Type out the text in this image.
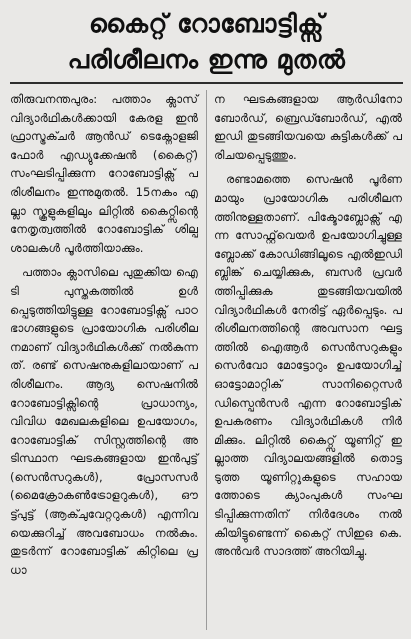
കൈറ്റ് റോബോട്ടിക്സ്
പരിശീലനം ഇന്നു മുതൽ

തിരുവനന്തപുരം: പത്താം ക്ലാസ് വിദ്യാർഥികൾക്കായി കേരള ഇൻഫ്രാസ്ട്രക്ചർ ആൻഡ് ടെക്നോളജി ഫോർ എഡ്യുക്കേഷൻ (കൈറ്റ്) സംഘടിപ്പിക്കുന്ന റോബോട്ടിക്സ് പരിശീലനം ഇന്നുമുതൽ. 15നകം എല്ലാ സ്കൂളുകളിലും ലിറ്റിൽ കൈറ്റ്സിന്റെ നേതൃത്വത്തിൽ റോബോട്ടിക് ശില്പശാലകൾ പൂർത്തിയാക്കും.

പത്താം ക്ലാസിലെ പുതുക്കിയ ഐടി പുസ്തകത്തിൽ ഉൾപ്പെടുത്തിയിട്ടുള്ള റോബോട്ടിക്സ് പാഠഭാഗങ്ങളുടെ പ്രായോഗിക പരിശീലനമാണ് വിദ്യാർഥികൾക്ക് നൽകുന്നത്. രണ്ട് സെഷനുകളിലായാണ് പരിശീലനം. ആദ്യ സെഷനിൽ റോബോട്ടിക്സിന്റെ പ്രാധാന്യം, വിവിധ മേഖലകളിലെ ഉപയോഗം, റോബോട്ടിക് സിസ്റ്റത്തിന്റെ അടിസ്ഥാന ഘടകങ്ങളായ ഇൻപുട്ട് (സെൻസറുകൾ), പ്രോസസർ (മൈക്രോകൺട്രോളറുകൾ), ഔട്ട്പുട്ട് (ആക്ചുവേറ്ററുകൾ) എന്നിവയെക്കുറിച്ച് അവബോധം നൽകും. തുടർന്ന് റോബോട്ടിക് കിറ്റിലെ പ്രധാ

ന ഘടകങ്ങളായ ആർഡിനോ ബോർഡ്, ബ്രെഡ്ബോർഡ്, എൽഇഡി തുടങ്ങിയവയെ കുട്ടികൾക്ക് പരിചയപ്പെടുത്തും.

രണ്ടാമത്തെ സെഷൻ പൂർണമായും പ്രായോഗിക പരിശീലനത്തിനുള്ളതാണ്. പിക്ടോബ്ലോക്സ് എന്ന സോഫ്റ്റ്‌വെയർ ഉപയോഗിച്ചുള്ള ബ്ലോക്ക് കോഡിങ്ങിലൂടെ എൽഇഡി ബ്ലിങ്ക് ചെയ്യിക്കുക, ബസർ പ്രവർത്തിപ്പിക്കുക തുടങ്ങിയവയിൽ വിദ്യാർഥികൾ നേരിട്ട് ഏർപ്പെടും. പരിശീലനത്തിന്റെ അവസാന ഘട്ടത്തിൽ ഐആർ സെൻസറുകളും സെർവോ മോട്ടോറും ഉപയോഗിച്ച് ഓട്ടോമാറ്റിക് സാനിറ്റൈസർ ഡിസ്പെൻസർ എന്ന റോബോട്ടിക് ഉപകരണം വിദ്യാർഥികൾ നിർമിക്കും. ലിറ്റിൽ കൈറ്റ്സ് യൂണിറ്റ് ഇല്ലാത്ത വിദ്യാലയങ്ങളിൽ തൊട്ടടുത്ത യൂണിറ്റുകളുടെ സഹായത്തോടെ ക്യാംപുകൾ സംഘടിപ്പിക്കുന്നതിന് നിർദേശം നൽകിയിട്ടുണ്ടെന്ന് കൈറ്റ് സിഇഒ കെ. അൻവർ സാദത്ത് അറിയിച്ചു.
